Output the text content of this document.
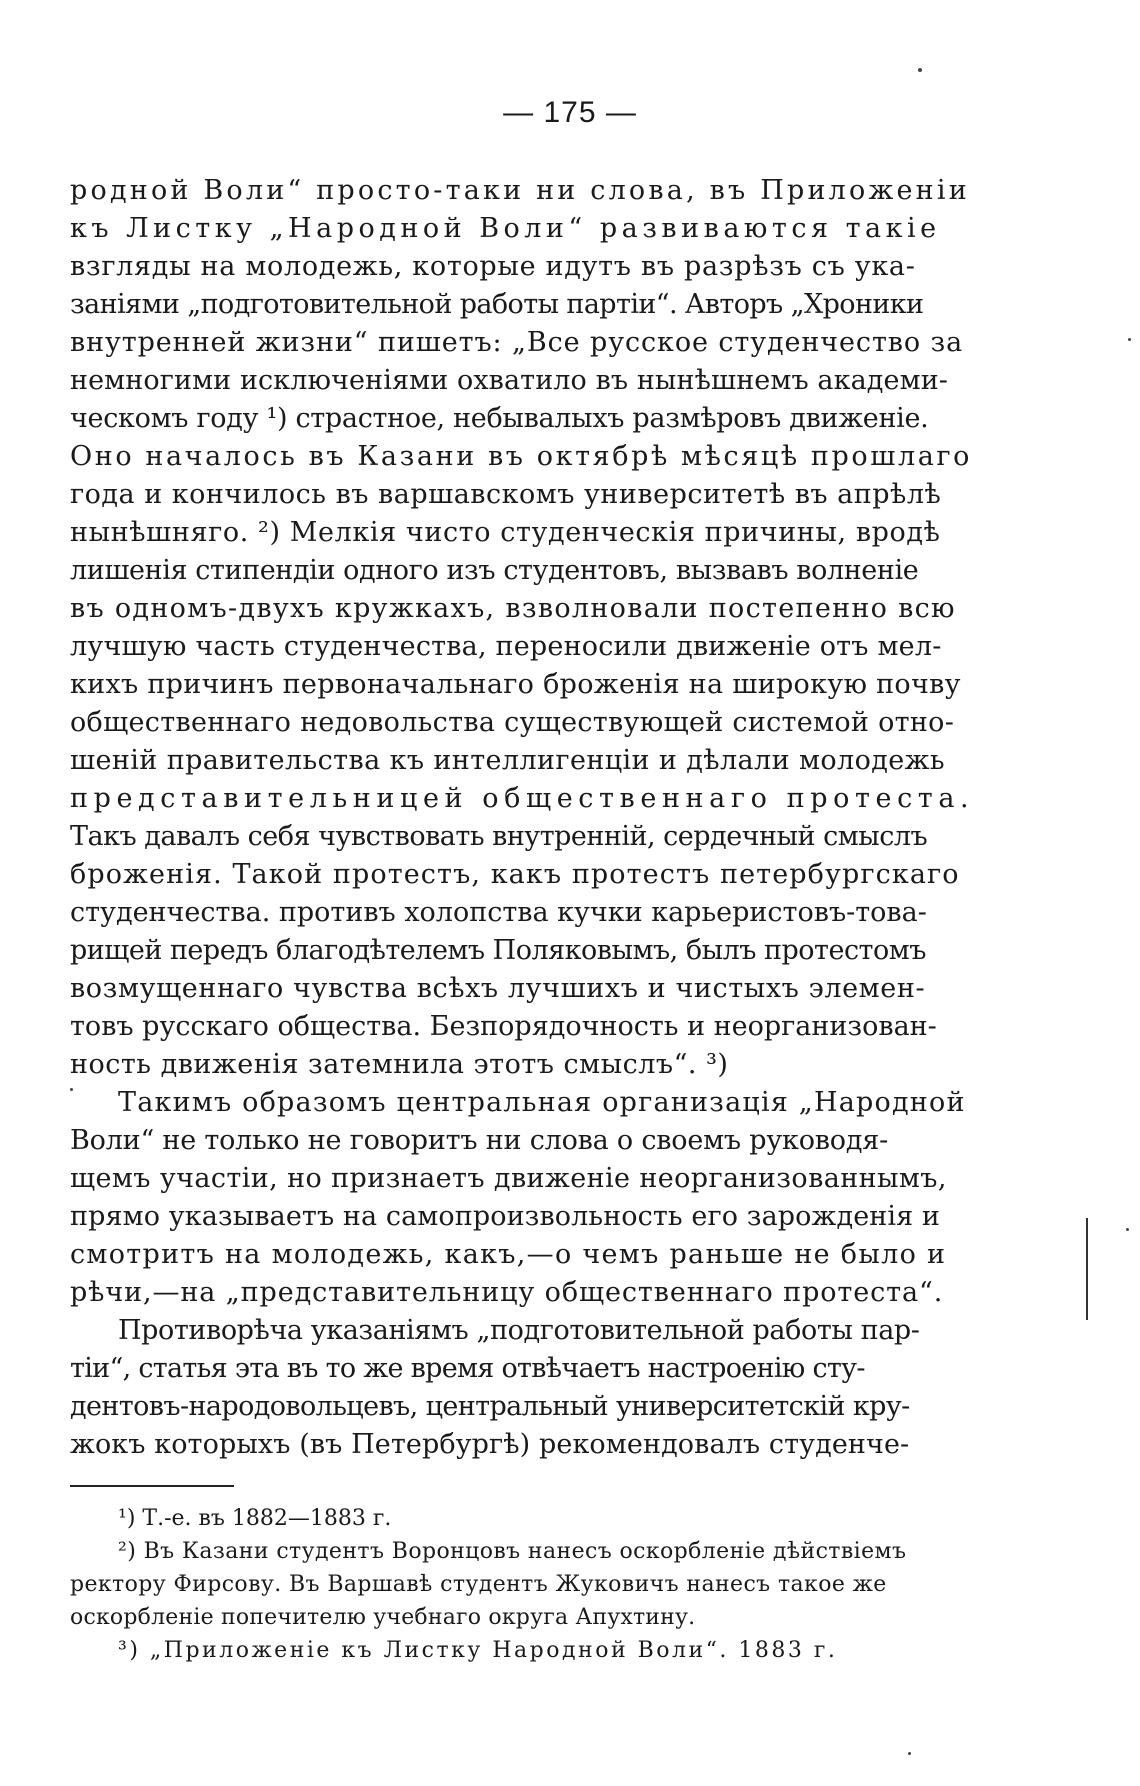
— 175 —
родной Воли“ просто-таки ни слова, въ Приложенiи
къ Листку „Народной Воли“ развиваются такie
взгляды на молодежь, которые идутъ въ разрѣзъ съ ука-
занiями „подготовительной работы партiи“. Авторъ „Хроники
внутренней жизни“ пишетъ: „Все русское студенчество за
немногими исключенiями охватило въ нынѣшнемъ академи-
ческомъ году ¹) страстное, небывалыхъ размѣровъ движенiе.
Оно началось въ Казани въ октябрѣ мѣсяцѣ прошлаго
года и кончилось въ варшавскомъ университетѣ въ апрѣлѣ
нынѣшняго. ²) Мелкiя чисто студенческiя причины, вродѣ
лишенiя стипендiи одного изъ студентовъ, вызвавъ волненiе
въ одномъ-двухъ кружкахъ, взволновали постепенно всю
лучшую часть студенчества, переносили движенiе отъ мел-
кихъ причинъ первоначальнаго броженiя на широкую почву
общественнаго недовольства существующей системой отно-
шенiй правительства къ интеллигенцiи и дѣлали молодежь
представительницей общественнаго протеста.
Такъ давалъ себя чувствовать внутреннiй, сердечный смыслъ
броженiя. Такой протестъ, какъ протестъ петербургскаго
студенчества. противъ холопства кучки карьеристовъ-това-
рищей передъ благодѣтелемъ Поляковымъ, былъ протестомъ
возмущеннаго чувства всѣхъ лучшихъ и чистыхъ элемен-
товъ русскаго общества. Безпорядочность и неорганизован-
ность движенiя затемнила этотъ смыслъ“. ³)
Такимъ образомъ центральная организацiя „Народной
Воли“ не только не говоритъ ни слова о своемъ руководя-
щемъ участiи, но признаетъ движенiе неорганизованнымъ,
прямо указываетъ на самопроизвольность его зарожденiя и
смотритъ на молодежь, какъ,—о чемъ раньше не было и
рѣчи,—на „представительницу общественнаго протеста“.
Противорѣча указанiямъ „подготовительной работы пар-
тiи“, статья эта въ то же время отвѣчаетъ настроенiю сту-
дентовъ-народовольцевъ, центральный университетскiй кру-
жокъ которыхъ (въ Петербургѣ) рекомендовалъ студенче-
¹) Т.-е. въ 1882—1883 г.
²) Въ Казани студентъ Воронцовъ нанесъ оскорбленiе дѣйствiемъ
ректору Фирсову. Въ Варшавѣ студентъ Жуковичъ нанесъ такое же
оскорбленiе попечителю учебнаго округа Апухтину.
³) „Приложенiе къ Листку Народной Воли“. 1883 г.
